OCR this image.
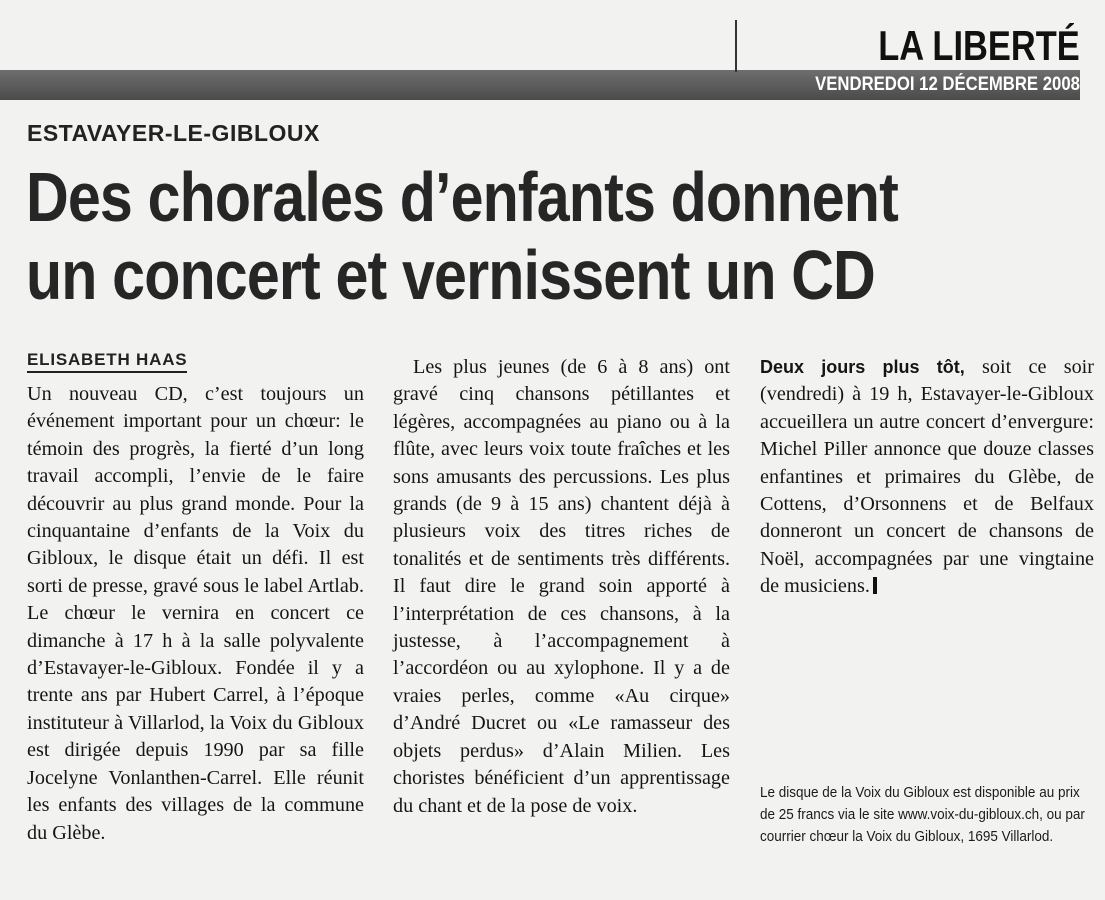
LA LIBERTÉ
VENDREDOI 12 DÉCEMBRE 2008
ESTAVAYER-LE-GIBLOUX
Des chorales d’enfants donnent
un concert et vernissent un CD
ELISABETH HAAS

Un nouveau CD, c’est toujours un événement important pour un chœur: le témoin des progrès, la fierté d’un long travail accompli, l’envie de le faire découvrir au plus grand monde. Pour la cinquantaine d’enfants de la Voix du Gibloux, le disque était un défi. Il est sorti de presse, gravé sous le label Artlab. Le chœur le vernira en concert ce dimanche à 17 h à la salle polyvalente d’Estavayer-le-Gibloux. Fondée il y a trente ans par Hubert Carrel, à l’époque instituteur à Villarlod, la Voix du Gibloux est dirigée depuis 1990 par sa fille Jocelyne Vonlanthen-Carrel. Elle réunit les enfants des villages de la commune du Glèbe.

Les plus jeunes (de 6 à 8 ans) ont gravé cinq chansons pétillantes et légères, accompagnées au piano ou à la flûte, avec leurs voix toute fraîches et les sons amusants des percussions. Les plus grands (de 9 à 15 ans) chantent déjà à plusieurs voix des titres riches de tonalités et de sentiments très différents. Il faut dire le grand soin apporté à l’interprétation de ces chansons, à la justesse, à l’accompagnement à l’accordéon ou au xylophone. Il y a de vraies perles, comme «Au cirque» d’André Ducret ou «Le ramasseur des objets perdus» d’Alain Milien. Les choristes bénéficient d’un apprentissage du chant et de la pose de voix.

Deux jours plus tôt, soit ce soir (vendredi) à 19 h, Estavayer-le-Gibloux accueillera un autre concert d’envergure: Michel Piller annonce que douze classes enfantines et primaires du Glèbe, de Cottens, d’Orsonnens et de Belfaux donneront un concert de chansons de Noël, accompagnées par une vingtaine de musiciens.

Le disque de la Voix du Gibloux est disponible au prix de 25 francs via le site www.voix-du-gibloux.ch, ou par courrier chœur la Voix du Gibloux, 1695 Villarlod.
